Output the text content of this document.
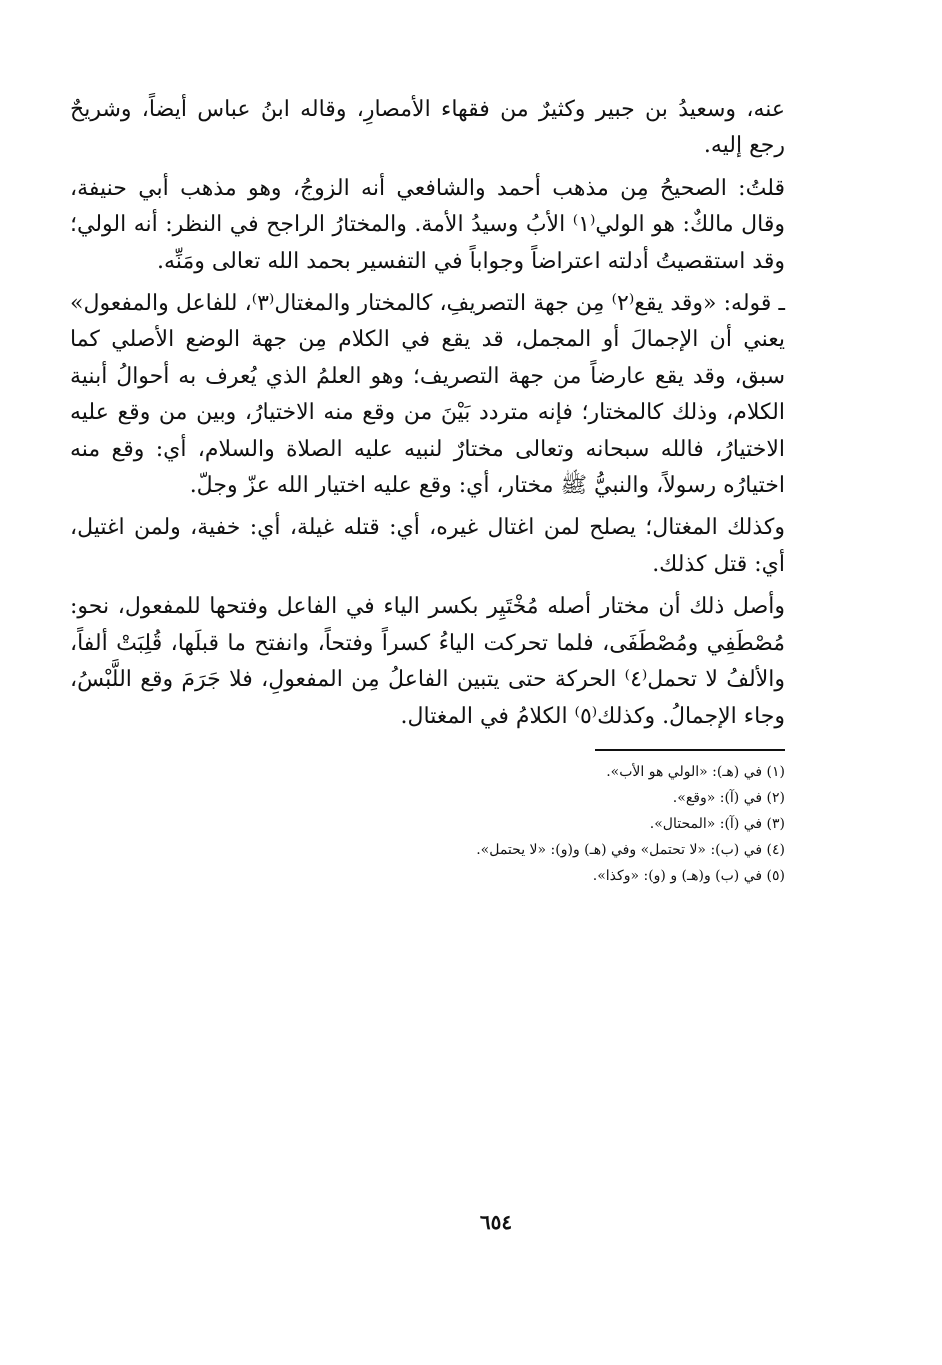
عنه، وسعيدُ بن جبير وكثيرٌ من فقهاء الأمصارِ، وقاله ابنُ عباس أيضاً، وشريحٌ رجع إليه.

قلتُ: الصحيحُ مِن مذهب أحمد والشافعي أنه الزوجُ، وهو مذهب أبي حنيفة، وقال مالكٌ: هو الولي⁽١⁾ الأبُ وسيدُ الأمة. والمختارُ الراجح في النظر: أنه الولي؛ وقد استقصيتُ أدلته اعتراضاً وجواباً في التفسير بحمد الله تعالى ومَنِّه.

ـ قوله: «وقد يقع⁽٢⁾ مِن جهة التصريفِ، كالمختار والمغتال⁽٣⁾، للفاعل والمفعول» يعني أن الإجمالَ أو المجمل، قد يقع في الكلام مِن جهة الوضع الأصلي كما سبق، وقد يقع عارضاً من جهة التصريف؛ وهو العلمُ الذي يُعرف به أحوالُ أبنية الكلام، وذلك كالمختار؛ فإنه متردد بَيْنَ من وقع منه الاختيارُ، وبين من وقع عليه الاختيارُ، فالله سبحانه وتعالى مختارٌ لنبيه عليه الصلاة والسلام، أي: وقع منه اختيارُه رسولاً، والنبيُّ ﷺ مختار، أي: وقع عليه اختيار الله عزّ وجلّ.

وكذلك المغتال؛ يصلح لمن اغتال غيره، أي: قتله غيلة، أي: خفية، ولمن اغتيل، أي: قتل كذلك.

وأصل ذلك أن مختار أصله مُخْتَيِر بكسر الياء في الفاعل وفتحها للمفعول، نحو: مُصْطَفِي ومُصْطَفَى، فلما تحركت الياءُ كسراً وفتحاً، وانفتح ما قبلَها، قُلِبَتْ ألفاً، والألفُ لا تحمل⁽٤⁾ الحركة حتى يتبين الفاعلُ مِن المفعولِ، فلا جَرَمَ وقع اللَّبْسُ، وجاء الإجمالُ. وكذلك⁽٥⁾ الكلامُ في المغتال.

(١) في (هـ): «الولي هو الأب».

(٢) في (آ): «وقع».

(٣) في (آ): «المحتال».

(٤) في (ب): «لا تحتمل» وفي (هـ) و(و): «لا يحتمل».

(٥) في (ب) و(هـ) و (و): «وكذا».

٦٥٤
